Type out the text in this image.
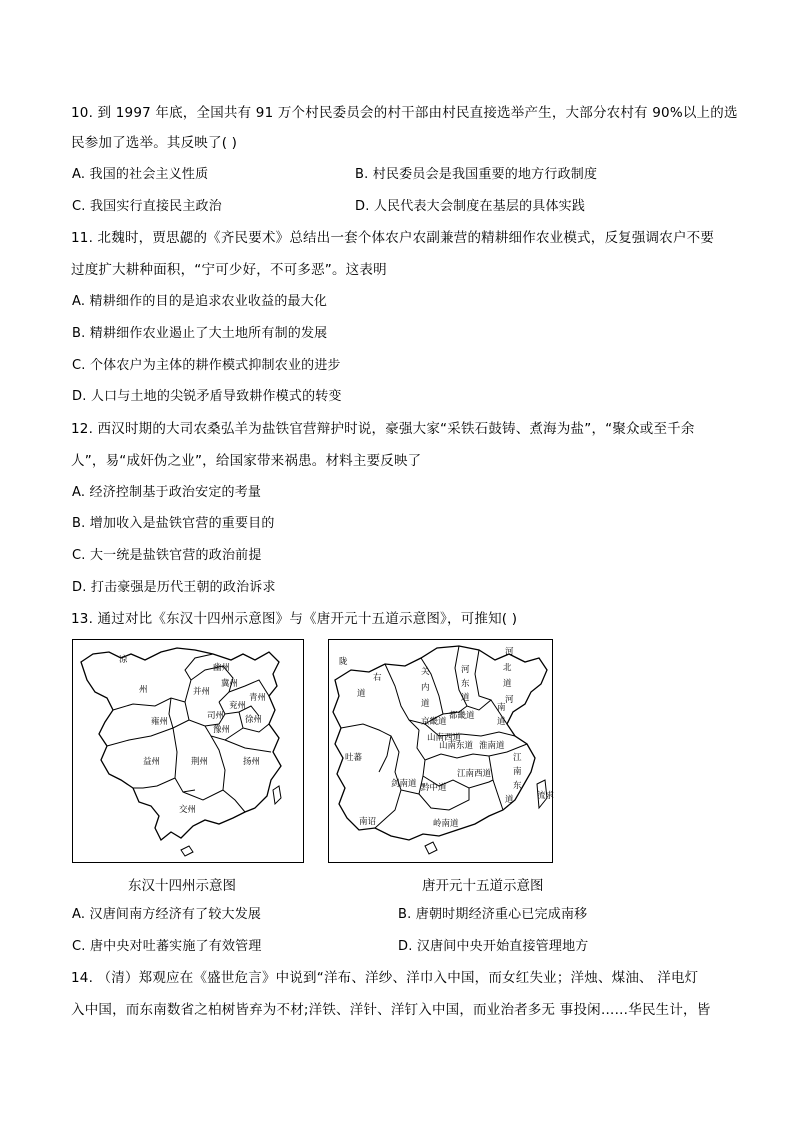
10. 到 1997 年底，全国共有 91 万个村民委员会的村干部由村民直接选举产生，大部分农村有 90%以上的选
民参加了选举。其反映了( )
A. 我国的社会主义性质	B. 村民委员会是我国重要的地方行政制度
C. 我国实行直接民主政治	D. 人民代表大会制度在基层的具体实践
11. 北魏时，贾思勰的《齐民要术》总结出一套个体农户农副兼营的精耕细作农业模式，反复强调农户不要
过度扩大耕种面积，“宁可少好，不可多恶”。这表明
A. 精耕细作的目的是追求农业收益的最大化
B. 精耕细作农业遏止了大土地所有制的发展
C. 个体农户为主体的耕作模式抑制农业的进步
D. 人口与土地的尖锐矛盾导致耕作模式的转变
12. 西汉时期的大司农桑弘羊为盐铁官营辩护时说，豪强大家“采铁石鼓铸、煮海为盐”，“聚众或至千余
人”，易“成奸伪之业”，给国家带来祸患。材料主要反映了
A. 经济控制基于政治安定的考量
B. 增加收入是盐铁官营的重要目的
C. 大一统是盐铁官营的政治前提
D. 打击豪强是历代王朝的政治诉求
13. 通过对比《东汉十四州示意图》与《唐开元十五道示意图》，可推知( )
凉
州
幽州
并州
冀州
青州
司州
兖州
雍州
豫州
徐州
益州	荆州	扬州
交州
陇
右
道
关
内
道
河
北
道
河
东
道	河
南
道
京畿道
都畿道
山南西道
山南东道 淮南道
吐蕃
剑南道 黔中道
江南西道
江
南
东
道	流求
南诏	岭南道
东汉十四州示意图	唐开元十五道示意图
A. 汉唐间南方经济有了较大发展	B. 唐朝时期经济重心已完成南移
C. 唐中央对吐蕃实施了有效管理	D. 汉唐间中央开始直接管理地方
14. （清）郑观应在《盛世危言》中说到“洋布、洋纱、洋巾入中国，而女红失业；洋烛、煤油、 洋电灯
入中国，而东南数省之柏树皆弃为不材;洋铁、洋针、洋钉入中国，而业治者多无 事投闲……华民生计，皆
